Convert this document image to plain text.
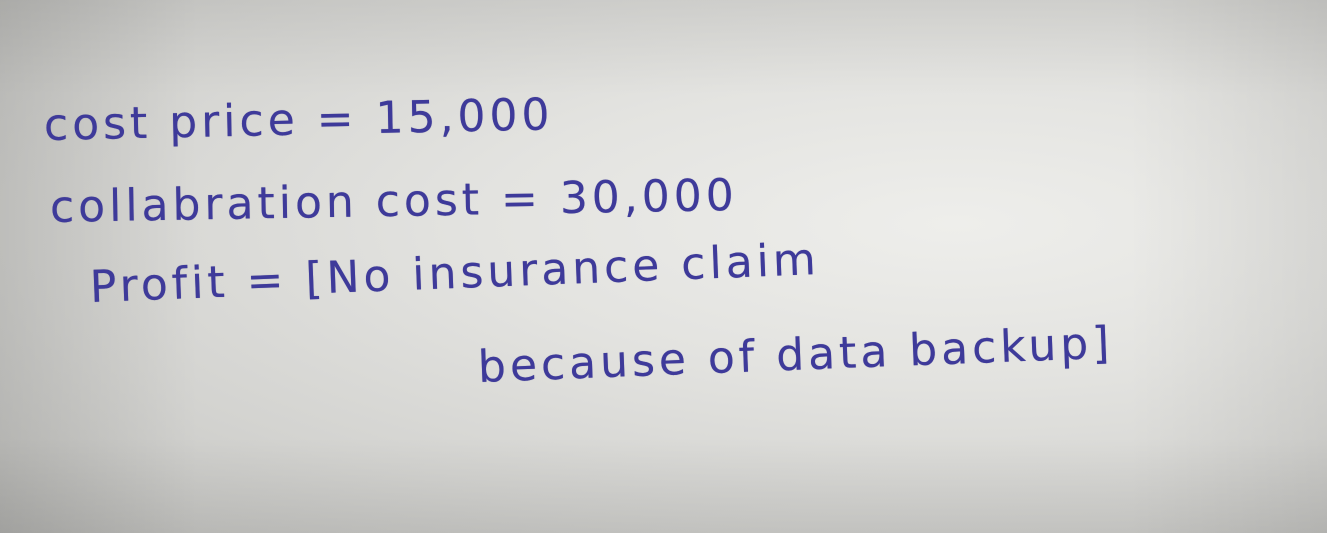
cost price = 15,000

collabration cost = 30,000

Profit = [No insurance claim

because of data backup]
